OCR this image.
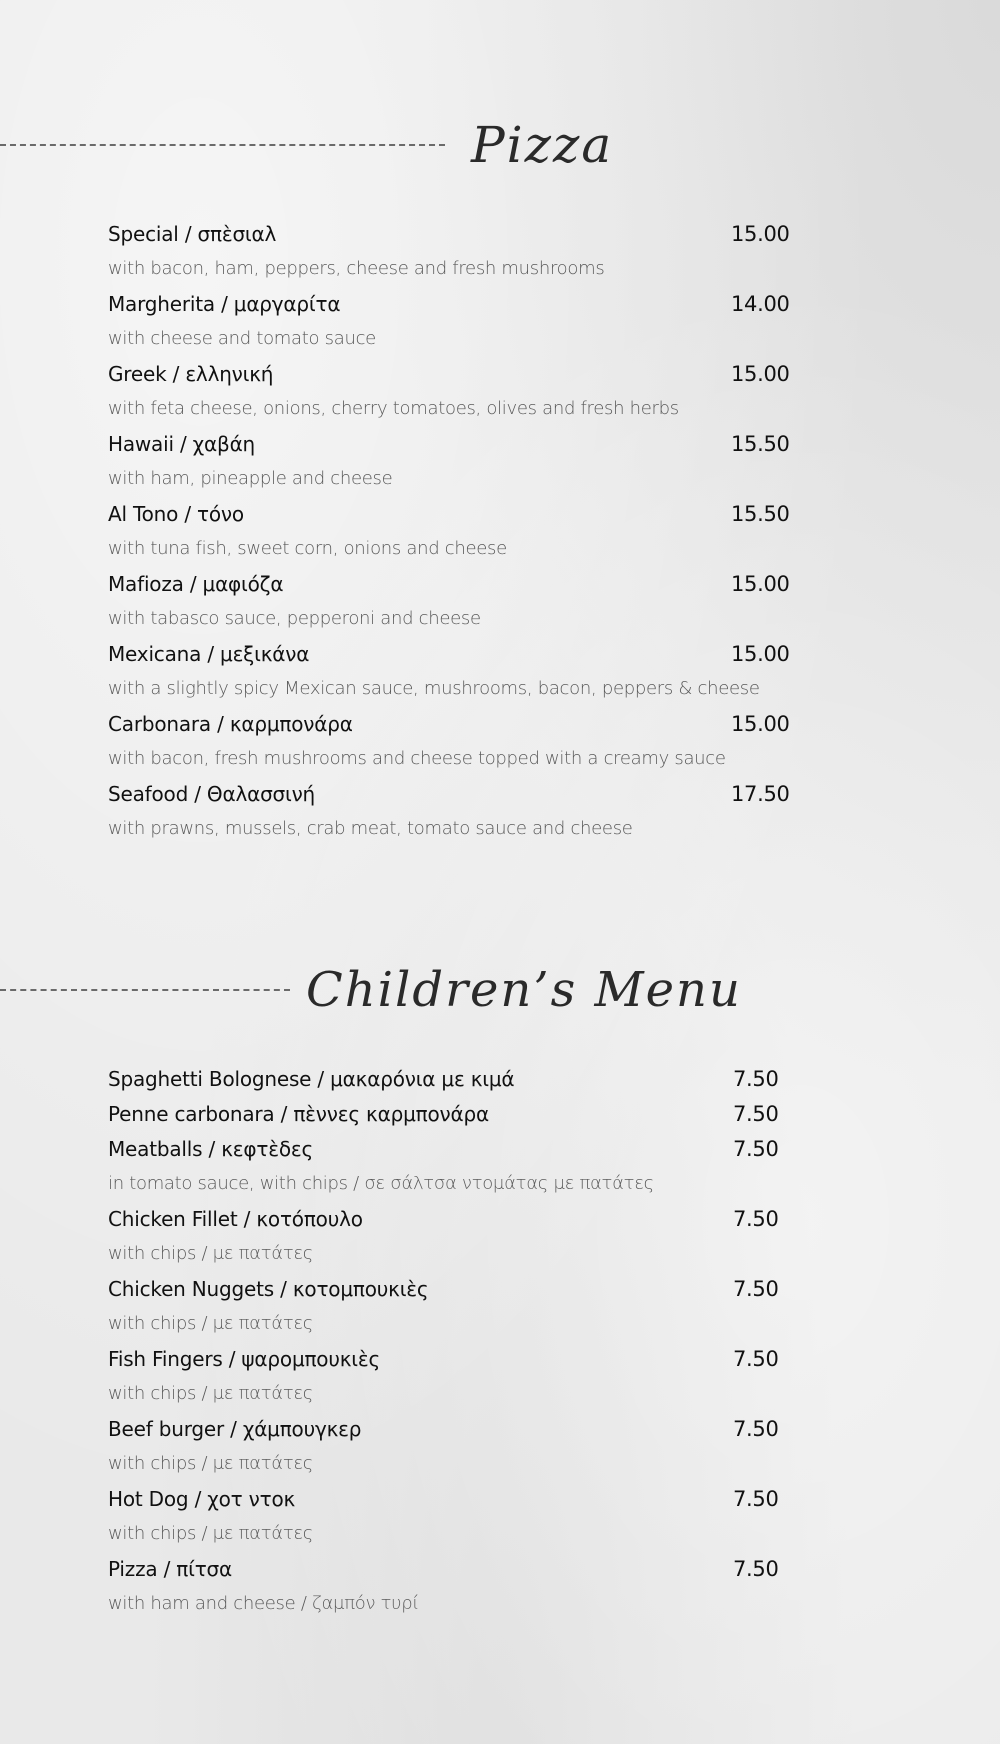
Pizza
Special / σπὲσιαλ	15.00
with bacon, ham, peppers, cheese and fresh mushrooms
Margherita / μαργαρίτα	14.00
with cheese and tomato sauce
Greek / ελληνική	15.00
with feta cheese, onions, cherry tomatoes, olives and fresh herbs
Hawaii / χαβάη	15.50
with ham, pineapple and cheese
Al Tono / τόνο	15.50
with tuna fish, sweet corn, onions and cheese
Mafioza / μαφιόζα	15.00
with tabasco sauce, pepperoni and cheese
Mexicana / μεξικάνα	15.00
with a slightly spicy Mexican sauce, mushrooms, bacon, peppers & cheese
Carbonara / καρμπονάρα	15.00
with bacon, fresh mushrooms and cheese topped with a creamy sauce
Seafood / Θαλασσινή	17.50
with prawns, mussels, crab meat, tomato sauce and cheese
Children’s Menu
Spaghetti Bolognese / μακαρόνια με κιμά	7.50
Penne carbonara / πὲννες καρμπονάρα	7.50
Meatballs / κεφτὲδες	7.50
in tomato sauce, with chips / σε σάλτσα ντομάτας με πατάτες
Chicken Fillet / κοτόπουλο	7.50
with chips / με πατάτες
Chicken Nuggets / κοτομπουκιὲς	7.50
with chips / με πατάτες
Fish Fingers / ψαρομπουκιὲς	7.50
with chips / με πατάτες
Beef burger / χάμπουγκερ	7.50
with chips / με πατάτες
Hot Dog / χοτ ντοκ	7.50
with chips / με πατάτες
Pizza / πίτσα	7.50
with ham and cheese / ζαμπόν τυρί
